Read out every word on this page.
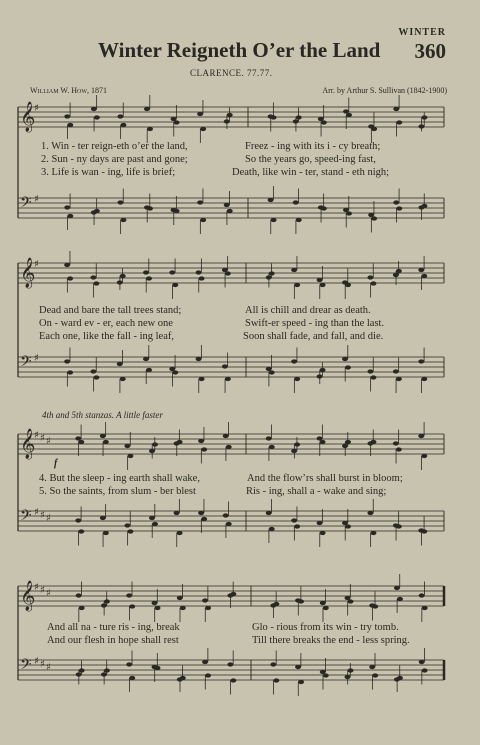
WINTER
360
Winter Reigneth O’er the Land
CLARENCE. 77.77.
William W. How, 1871	Arr. by Arthur S. Sullivan (1842-1900)
4th and 5th stanzas. A little faster
f
𝄞
♯
𝄢 ♯
𝄞
♯
𝄢 ♯
𝄞
♯ ♯ ♯
𝄢 ♯ ♯ ♯
𝄞
♯ ♯ ♯
𝄢 ♯ ♯ ♯

1. Win - ter reign-eth o’er the land,

	Freez - ing with its i - cy breath;

2. Sun - ny days are past and gone;

	So the years go, speed-ing fast,

3. Life is wan - ing, life is brief;

	Death, like win - ter, stand - eth nigh;

Dead and bare the tall trees stand;

	All is chill and drear as death.

On - ward ev - er, each new one

	Swift-er speed - ing than the last.

Each one, like the fall - ing leaf,

	Soon shall fade, and fall, and die.

4. But the sleep - ing earth shall wake,

	And the flow’rs shall burst in bloom;

5. So the saints, from slum - ber blest

	Ris - ing, shall a - wake and sing;

And all na - ture ris - ing, break

	Glo - rious from its win - try tomb.

And our flesh in hope shall rest

	Till there breaks the end - less spring.
